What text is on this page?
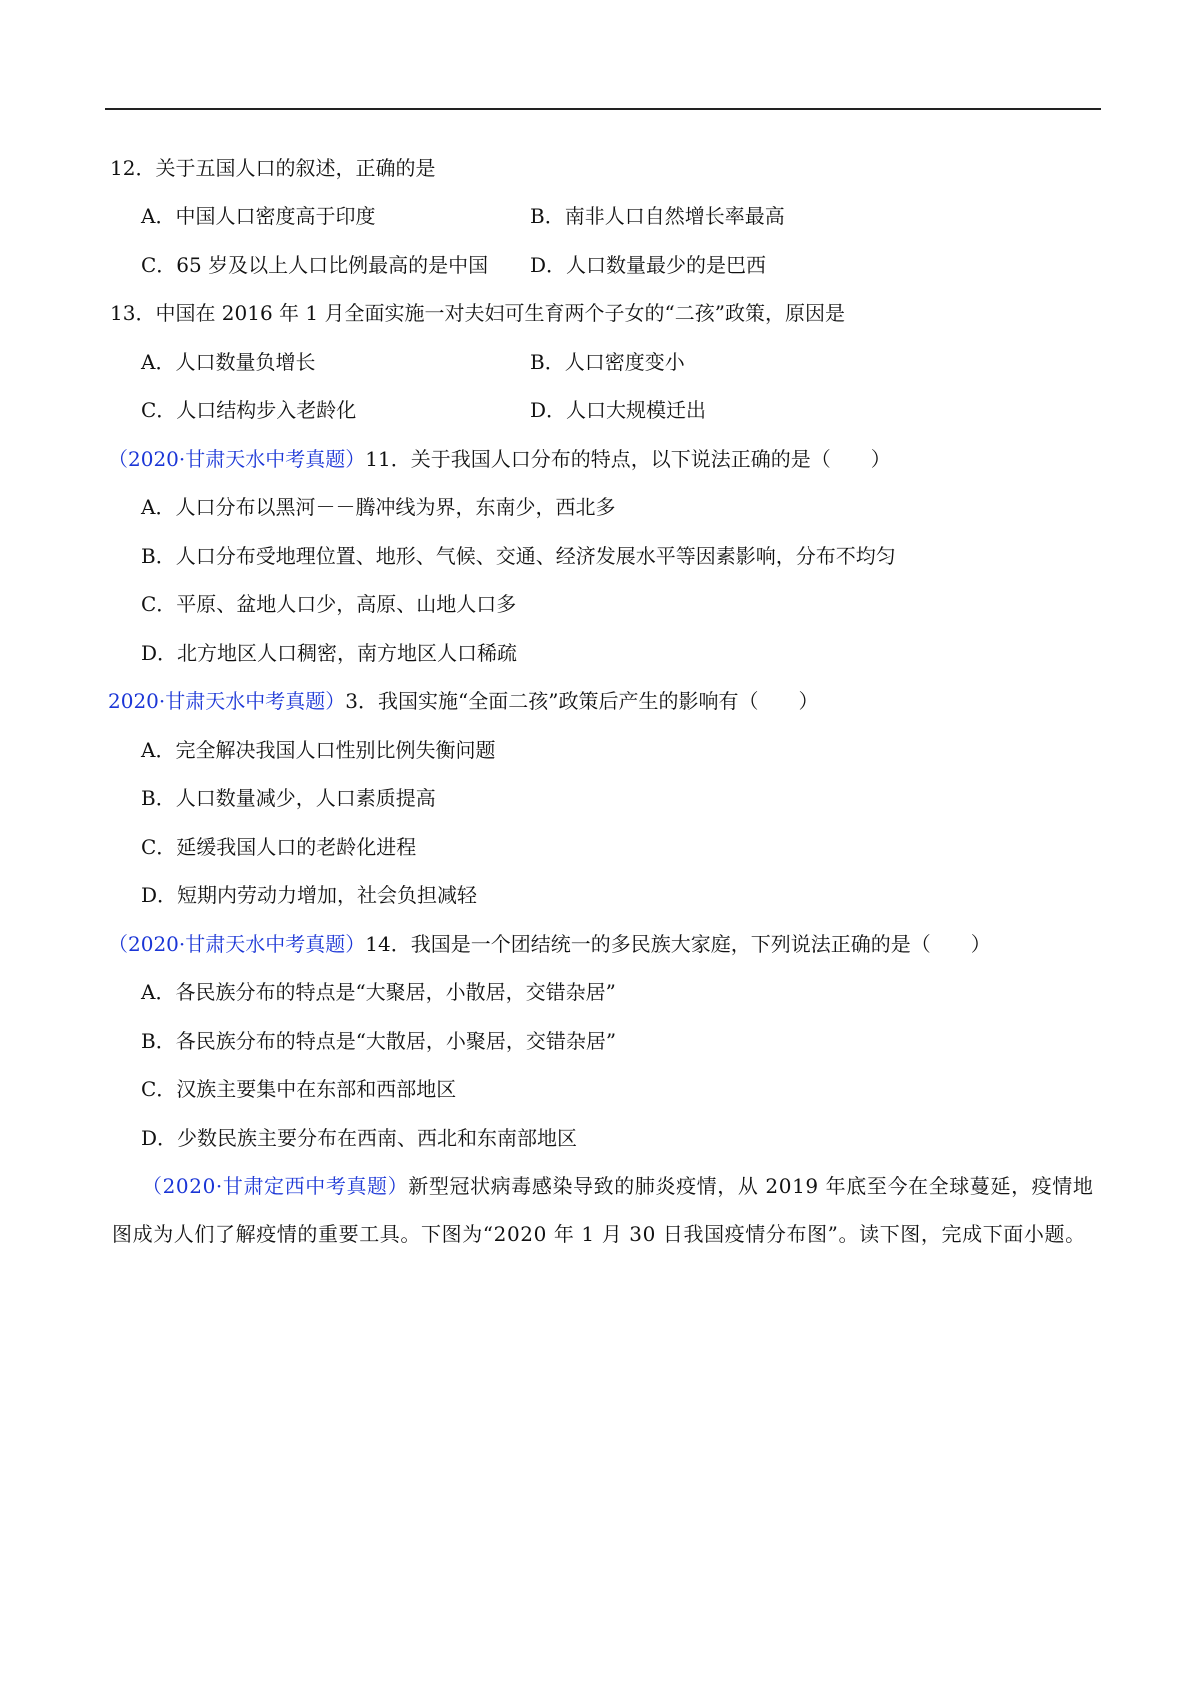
12．关于五国人口的叙述，正确的是
A．中国人口密度高于印度	B．南非人口自然增长率最高
C．65 岁及以上人口比例最高的是中国 D．人口数量最少的是巴西
13．中国在 2016 年 1 月全面实施一对夫妇可生育两个子女的“二孩”政策，原因是
A．人口数量负增长	B．人口密度变小
C．人口结构步入老龄化	D．人口大规模迁出
（2020·甘肃天水中考真题）11．关于我国人口分布的特点，以下说法正确的是（　　）
A．人口分布以黑河－－腾冲线为界，东南少，西北多
B．人口分布受地理位置、地形、气候、交通、经济发展水平等因素影响，分布不均匀
C．平原、盆地人口少，高原、山地人口多
D．北方地区人口稠密，南方地区人口稀疏
2020·甘肃天水中考真题）3．我国实施“全面二孩”政策后产生的影响有（　　）
A．完全解决我国人口性别比例失衡问题
B．人口数量减少，人口素质提高
C．延缓我国人口的老龄化进程
D．短期内劳动力增加，社会负担减轻
（2020·甘肃天水中考真题）14．我国是一个团结统一的多民族大家庭，下列说法正确的是（　　）
A．各民族分布的特点是“大聚居，小散居，交错杂居”
B．各民族分布的特点是“大散居，小聚居，交错杂居”
C．汉族主要集中在东部和西部地区
D．少数民族主要分布在西南、西北和东南部地区
（2020·甘肃定西中考真题）新型冠状病毒感染导致的肺炎疫情，从 2019 年底至今在全球蔓延，疫情地图成为人们了解疫情的重要工具。下图为“2020 年 1 月 30 日我国疫情分布图”。读下图，完成下面小题。
